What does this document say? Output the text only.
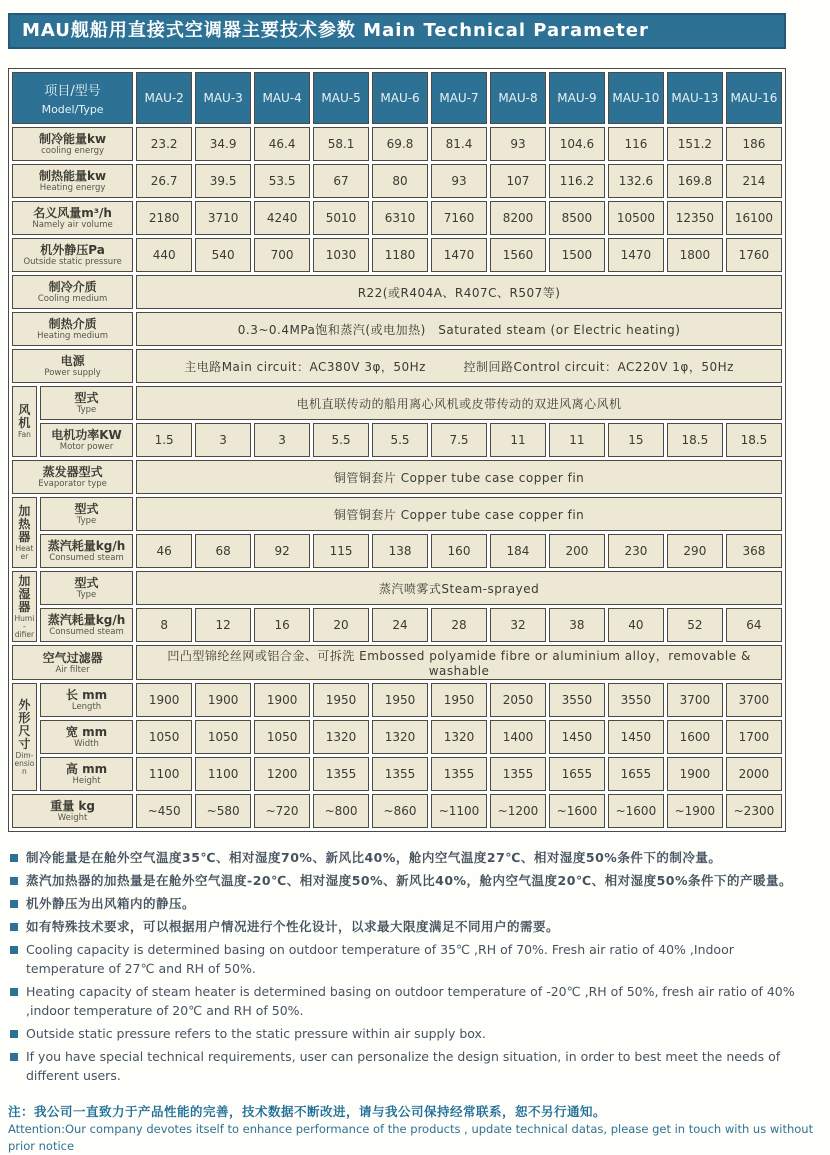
MAU舰船用直接式空调器主要技术参数 Main Technical Parameter
项目/型号
Model/Type		MAU-2	MAU-3	MAU-4	MAU-5	MAU-6	MAU-7	MAU-8	MAU-9	MAU-10	MAU-13	MAU-16

制冷能量kw
cooling energy		23.2	34.9	46.4	58.1	69.8	81.4	93	104.6	116	151.2	186

制热能量kw
Heating energy		26.7	39.5	53.5	67	80	93	107	116.2	132.6	169.8	214

名义风量m³/h
Namely air volume		2180	3710	4240	5010	6310	7160	8200	8500	10500	12350	16100

机外静压Pa
Outside static pressure		440	540	700	1030	1180	1470	1560	1500	1470	1800	1760

制冷介质
Cooling medium		R22(或R404A、R407C、R507等)										

制热介质
Heating medium		0.3~0.4MPa饱和蒸汽(或电加热)　Saturated steam (or Electric heating)										

电源
Power supply		主电路Main circuit：AC380V 3φ，50Hz　　　控制回路Control circuit：AC220V 1φ，50Hz										

风
机
Fan

型式
Type	电机直联传动的船用离心风机或皮带传动的双进风离心风机

	电机功率KW
Motor power	1.5	3	3	5.5	5.5	7.5	11	11	15	18.5	18.5

蒸发器型式
Evaporator type		铜管铜套片 Copper tube case copper fin										

加
热
器
Heater

型式
Type	铜管铜套片 Copper tube case copper fin

	蒸汽耗量kg/h
Consumed steam	46	68	92	115	138	160	184	200	230	290	368

加
湿
器
Humi-difier

型式
Type	蒸汽喷雾式Steam-sprayed

	蒸汽耗量kg/h
Consumed steam	8	12	16	20	24	28	32	38	40	52	64

空气过滤器
Air filter		凹凸型锦纶丝网或铝合金、可拆洗 Embossed polyamide fibre or aluminium alloy，removable & washable										

外
形
尺
寸
Dim-ension

长 mm
Length	1900	1900	1900	1950	1950	1950	2050	3550	3550	3700	3700

	宽 mm
Width	1050	1050	1050	1320	1320	1320	1400	1450	1450	1600	1700

	高 mm
Height	1100	1100	1200	1355	1355	1355	1355	1655	1655	1900	2000

重量 kg
Weight		~450	~580	~720	~800	~860	~1100	~1200	~1600	~1600	~1900	~2300
制冷能量是在舱外空气温度35℃、相对湿度70%、新风比40%，舱内空气温度27℃、相对湿度50%条件下的制冷量。
蒸汽加热器的加热量是在舱外空气温度-20℃、相对湿度50%、新风比40%，舱内空气温度20℃、相对湿度50%条件下的产暖量。
机外静压为出风箱内的静压。
如有特殊技术要求，可以根据用户情况进行个性化设计，以求最大限度满足不同用户的需要。
Cooling capacity is determined basing on outdoor temperature of 35℃ ,RH of 70%. Fresh air ratio of 40% ,Indoor temperature of 27℃ and RH of 50%.
Heating capacity of steam heater is determined basing on outdoor temperature of -20℃ ,RH of 50%, fresh air ratio of 40% ,indoor temperature of 20℃ and RH of 50%.
Outside static pressure refers to the static pressure within air supply box.
If you have special technical requirements, user can personalize the design situation, in order to best meet the needs of different users.
注：我公司一直致力于产品性能的完善，技术数据不断改进，请与我公司保持经常联系，恕不另行通知。
Attention:Our company devotes itself to enhance performance of the products , update technical datas, please get in touch with us without prior notice
